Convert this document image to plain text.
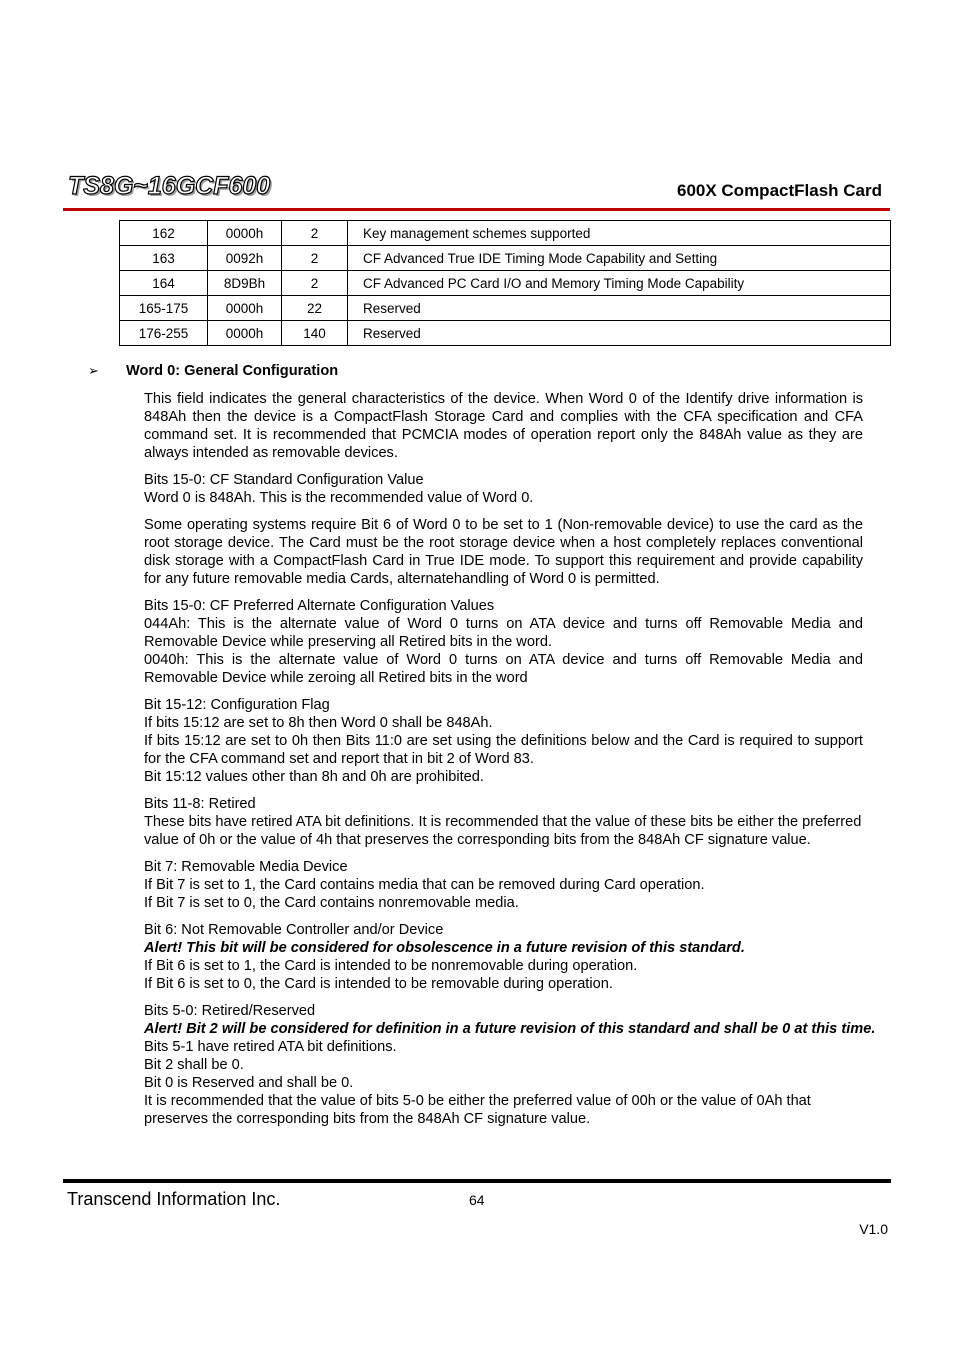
TS8G~16GCF600	600X CompactFlash Card
162	0000h	2	Key management schemes supported
163	0092h	2	CF Advanced True IDE Timing Mode Capability and Setting
164	8D9Bh	2	CF Advanced PC Card I/O and Memory Timing Mode Capability
165-175	0000h	22	Reserved
176-255	0000h	140	Reserved
➢ Word 0: General Configuration

This field indicates the general characteristics of the device. When Word 0 of the Identify drive information is 848Ah then the device is a CompactFlash Storage Card and complies with the CFA specification and CFA command set. It is recommended that PCMCIA modes of operation report only the 848Ah value as they are always intended as removable devices.

Bits 15-0: CF Standard Configuration Value
Word 0 is 848Ah. This is the recommended value of Word 0.

Some operating systems require Bit 6 of Word 0 to be set to 1 (Non-removable device) to use the card as the root storage device. The Card must be the root storage device when a host completely replaces conventional disk storage with a CompactFlash Card in True IDE mode. To support this requirement and provide capability for any future removable media Cards, alternatehandling of Word 0 is permitted.

Bits 15-0: CF Preferred Alternate Configuration Values
044Ah: This is the alternate value of Word 0 turns on ATA device and turns off Removable Media and Removable Device while preserving all Retired bits in the word.
0040h: This is the alternate value of Word 0 turns on ATA device and turns off Removable Media and Removable Device while zeroing all Retired bits in the word

Bit 15-12: Configuration Flag
If bits 15:12 are set to 8h then Word 0 shall be 848Ah.
If bits 15:12 are set to 0h then Bits 11:0 are set using the definitions below and the Card is required to support for the CFA command set and report that in bit 2 of Word 83.
Bit 15:12 values other than 8h and 0h are prohibited.

Bits 11-8: Retired
These bits have retired ATA bit definitions. It is recommended that the value of these bits be either the preferred value of 0h or the value of 4h that preserves the corresponding bits from the 848Ah CF signature value.

Bit 7: Removable Media Device
If Bit 7 is set to 1, the Card contains media that can be removed during Card operation.
If Bit 7 is set to 0, the Card contains nonremovable media.

Bit 6: Not Removable Controller and/or Device
Alert! This bit will be considered for obsolescence in a future revision of this standard.
If Bit 6 is set to 1, the Card is intended to be nonremovable during operation.
If Bit 6 is set to 0, the Card is intended to be removable during operation.

Bits 5-0: Retired/Reserved
Alert! Bit 2 will be considered for definition in a future revision of this standard and shall be 0 at this time.
Bits 5-1 have retired ATA bit definitions.
Bit 2 shall be 0.
Bit 0 is Reserved and shall be 0.
It is recommended that the value of bits 5-0 be either the preferred value of 00h or the value of 0Ah that preserves the corresponding bits from the 848Ah CF signature value.

Transcend Information Inc.	64
V1.0
